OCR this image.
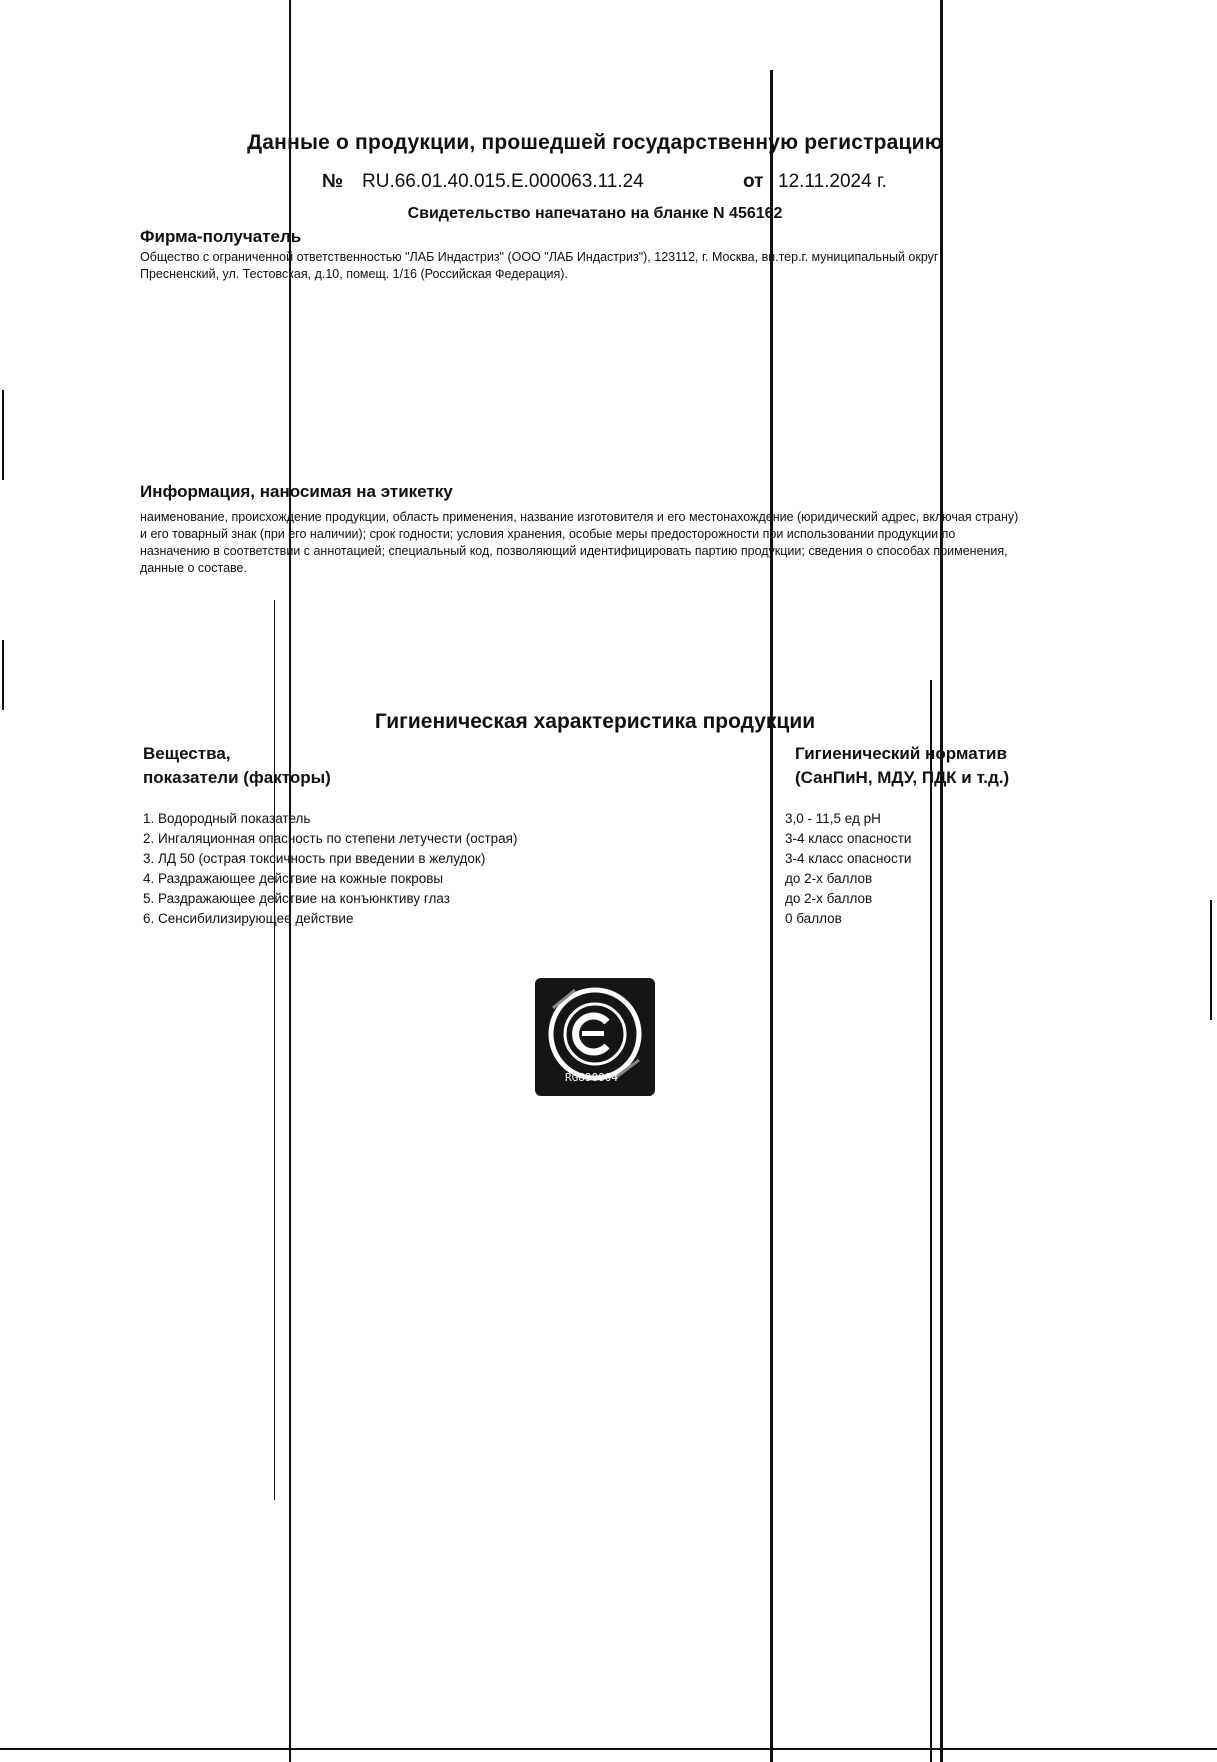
Данные о продукции, прошедшей государственную регистрацию
№ RU.66.01.40.015.Е.000063.11.24	от 12.11.2024 г.
Свидетельство напечатано на бланке N 456162
Фирма-получатель
Общество с ограниченной ответственностью "ЛАБ Индастриз" (ООО "ЛАБ Индастриз"), 123112, г. Москва, вн.тер.г. муниципальный округ Пресненский, ул. Тестовская, д.10, помещ. 1/16 (Российская Федерация).
Информация, наносимая на этикетку
наименование, происхождение продукции, область применения, название изготовителя и его местонахождение (юридический адрес, включая страну) и его товарный знак (при его наличии); срок годности; условия хранения, особые меры предосторожности при использовании продукции по назначению в соответствии с аннотацией; специальный код, позволяющий идентифицировать партию продукции; сведения о способах применения, данные о составе.
Гигиеническая характеристика продукции
Вещества,
показатели (факторы)
Гигиенический норматив
(СанПиН, МДУ, ПДК и т.д.)
1. Водородный показатель	3,0 - 11,5 ед pH
2. Ингаляционная опасность по степени летучести (острая)	3-4 класс опасности
3. ЛД 50 (острая токсичность при введении в желудок)	3-4 класс опасности
4. Раздражающее действие на кожные покровы	до 2-х баллов
5. Раздражающее действие на конъюнктиву глаз	до 2-х баллов
6. Сенсибилизирующее действие	0 баллов
RG890004
